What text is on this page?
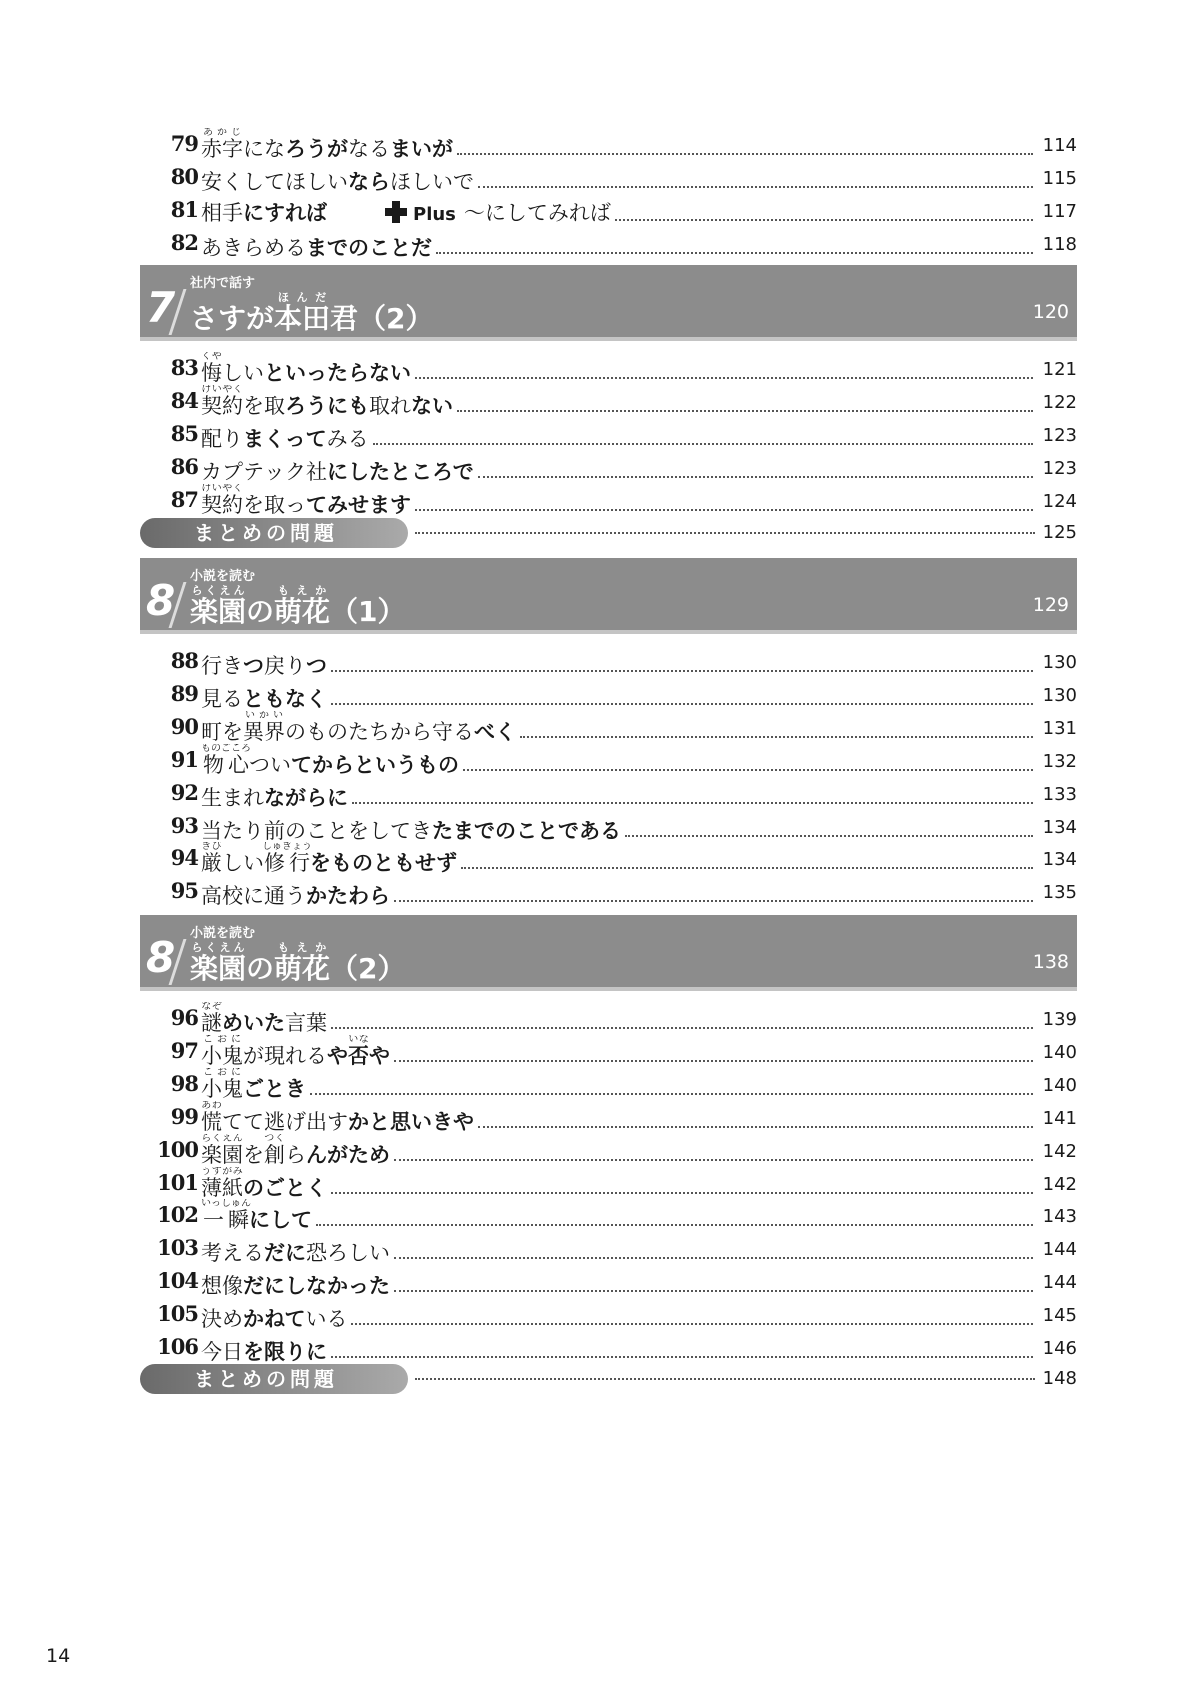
79 赤字あかじになろうがなるまいが	114
80 安くしてほしいならほしいで	115
81 相手にすれば	Plus ～にしてみれば	117
82 あきらめるまでのことだ	118
7 社内で話す
さすが本田ほんだ君（2）	120
83 悔くやしいといったらない	121
84 契約けいやくを取ろうにも取れない	122
85 配りまくってみる	123
86 カプテック社にしたところで	123
87 契約けいやくを取ってみせます	124
まとめの問題	125
8 小説を読む
楽園らくえんの萌花もえか（1）	129
88 行きつ戻りつ	130
89 見るともなく	130
90 町を異界いかいのものたちから守るべく	131
91 物心ものごころついてからというもの	132
92 生まれながらに	133
93 当たり前のことをしてきたまでのことである	134
94 厳きびしい修行しゅぎょうをものともせず	134
95 高校に通うかたわら	135
8 小説を読む
楽園らくえんの萌花もえか（2）	138
96 謎なぞめいた言葉	139
97 小鬼こおにが現れるや否いなや	140
98 小鬼こおにごとき	140
99 慌あわてて逃げ出すかと思いきや	141
100 楽園らくえんを創つくらんがため	142
101 薄紙うすがみのごとく	142
102 一瞬いっしゅんにして	143
103 考えるだに恐ろしい	144
104 想像だにしなかった	144
105 決めかねている	145
106 今日を限りに	146
まとめの問題	148
14
